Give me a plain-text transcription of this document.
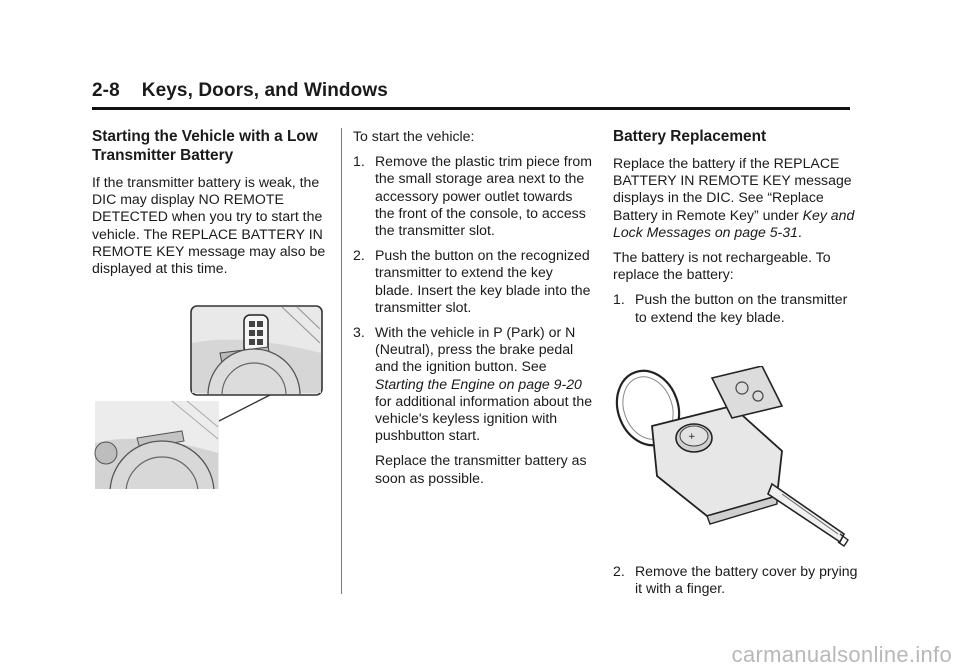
2-8 Keys, Doors, and Windows
Starting the Vehicle with a Low Transmitter Battery

If the transmitter battery is weak, the DIC may display NO REMOTE DETECTED when you try to start the vehicle. The REPLACE BATTERY IN REMOTE KEY message may also be displayed at this time.

To start the vehicle:

1. Remove the plastic trim piece from the small storage area next to the accessory power outlet towards the front of the console, to access the transmitter slot.
2. Push the button on the recognized transmitter to extend the key blade. Insert the key blade into the transmitter slot.
3. With the vehicle in P (Park) or N (Neutral), press the brake pedal and the ignition button. See Starting the Engine on page 9-20 for additional information about the vehicle's keyless ignition with pushbutton start.

Replace the transmitter battery as soon as possible.

Battery Replacement

Replace the battery if the REPLACE BATTERY IN REMOTE KEY message displays in the DIC. See “Replace Battery in Remote Key” under Key and Lock Messages on page 5-31.

The battery is not rechargeable. To replace the battery:

1. Push the button on the transmitter to extend the key blade.
+
2. Remove the battery cover by prying it with a finger.
carmanualsonline.info
